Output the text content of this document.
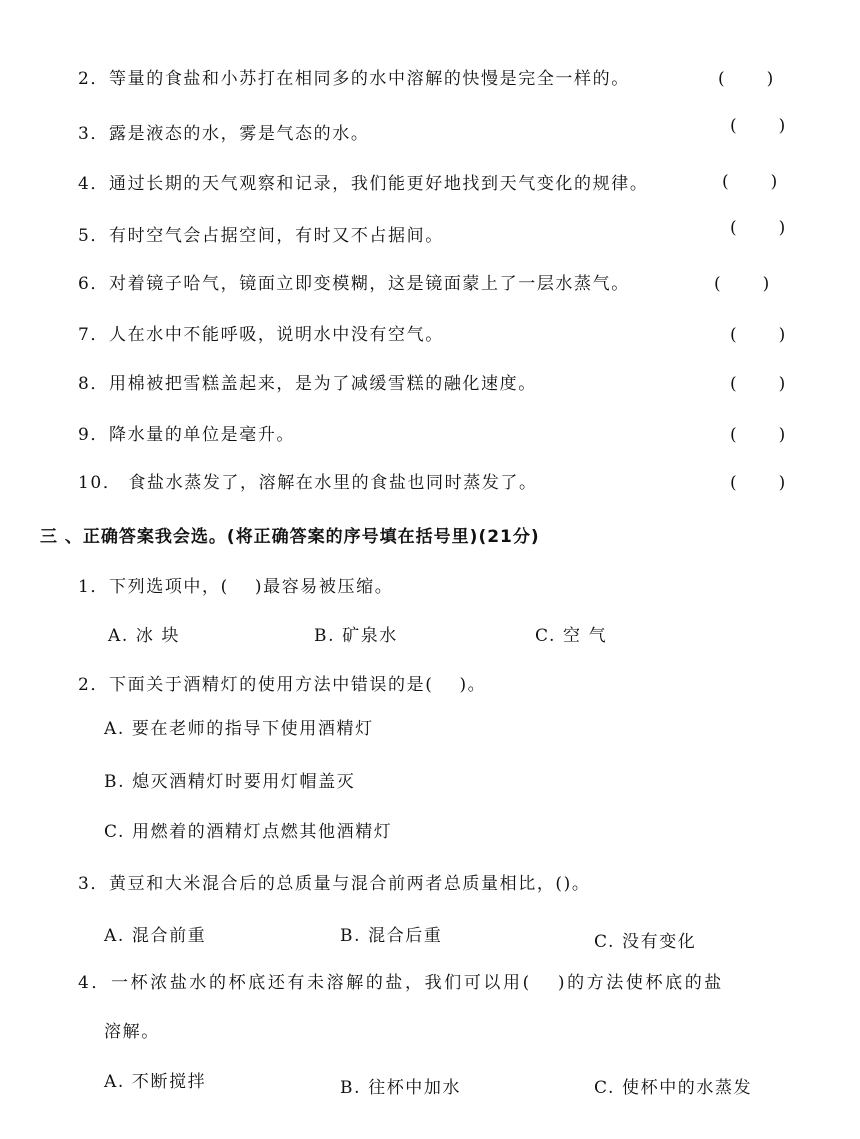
2．等量的食盐和小苏打在相同多的水中溶解的快慢是完全一样的。	( )
3．露是液态的水，雾是气态的水。	( )
4．通过长期的天气观察和记录，我们能更好地找到天气变化的规律。	( )
5．有时空气会占据空间，有时又不占据间。	( )
6．对着镜子哈气，镜面立即变模糊，这是镜面蒙上了一层水蒸气。	( )
7．人在水中不能呼吸，说明水中没有空气。	( )
8．用棉被把雪糕盖起来，是为了减缓雪糕的融化速度。	( )
9．降水量的单位是毫升。	( )
10． 食盐水蒸发了，溶解在水里的食盐也同时蒸发了。	( )
三 、正确答案我会选。(将正确答案的序号填在括号里)(21分)
1．下列选项中，( )最容易被压缩。
A. 冰 块	B. 矿泉水	C. 空 气
2．下面关于酒精灯的使用方法中错误的是( )。
A. 要在老师的指导下使用酒精灯
B. 熄灭酒精灯时要用灯帽盖灭
C. 用燃着的酒精灯点燃其他酒精灯
3．黄豆和大米混合后的总质量与混合前两者总质量相比，()。
A. 混合前重	B. 混合后重	C. 没有变化
4．一杯浓盐水的杯底还有未溶解的盐，我们可以用( )的方法使杯底的盐
溶解。
A. 不断搅拌	B. 往杯中加水	C. 使杯中的水蒸发
